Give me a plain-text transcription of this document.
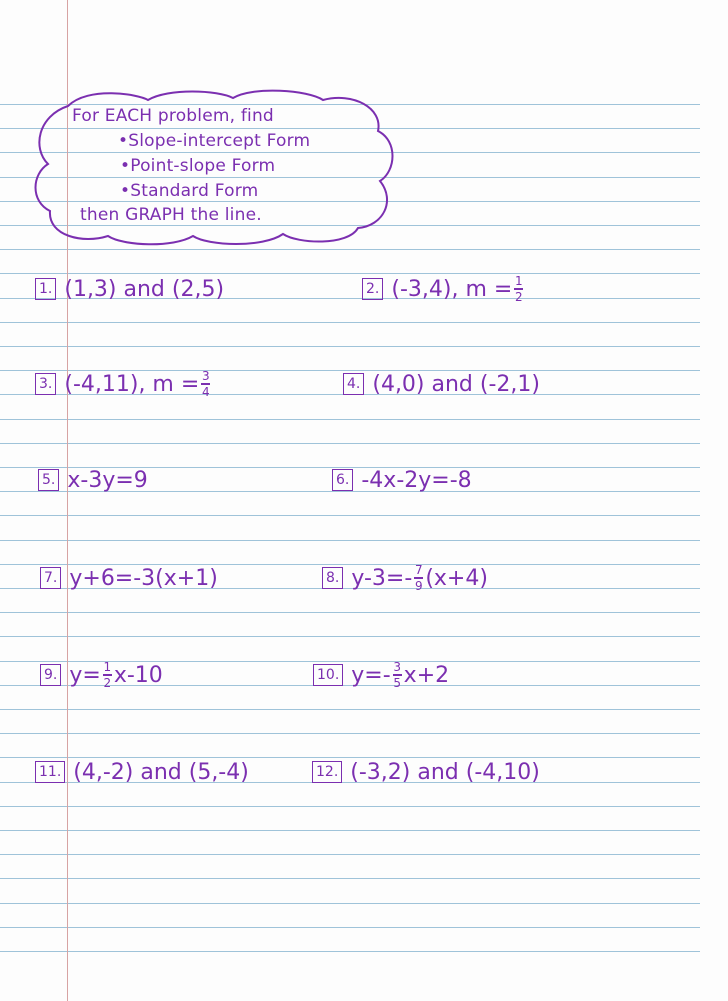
For EACH problem, find
•Slope-intercept Form
•Point-slope Form
•Standard Form
then GRAPH the line.
1. (1,3) and (2,5)	2. (-3,4), $m = \frac{1}{2}$
3. (-4,11), $m = \frac{3}{4}$	4. (4,0) and (-2,1)
5. x-3y=9	6. -4x-2y=-8
7. y+6=-3(x+1)	8. $y-3=- \frac{7}{9} (x+4)$
9. $y= \frac{1}{2} x-10$	10. $y=- \frac{3}{5} x+2$
11. (4,-2) and (5,-4)	12. (-3,2) and (-4,10)
